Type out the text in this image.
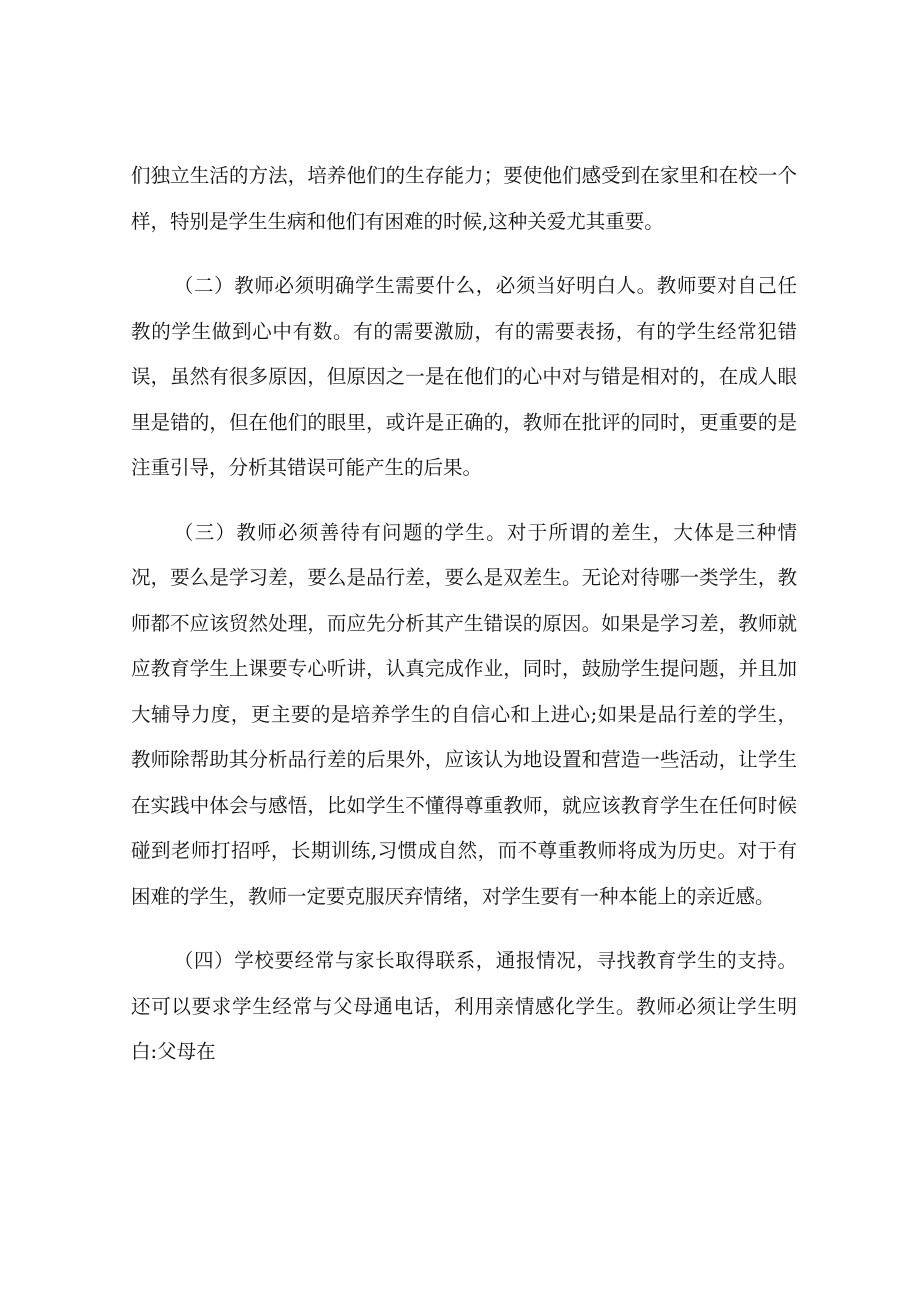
们独立生活的方法，培养他们的生存能力；要使他们感受到在家里和在校一个样，特别是学生生病和他们有困难的时候,这种关爱尤其重要。

（二）教师必须明确学生需要什么，必须当好明白人。教师要对自己任教的学生做到心中有数。有的需要激励，有的需要表扬，有的学生经常犯错误，虽然有很多原因，但原因之一是在他们的心中对与错是相对的，在成人眼里是错的，但在他们的眼里，或许是正确的，教师在批评的同时，更重要的是注重引导，分析其错误可能产生的后果。

（三）教师必须善待有问题的学生。对于所谓的差生，大体是三种情况，要么是学习差，要么是品行差，要么是双差生。无论对待哪一类学生，教师都不应该贸然处理，而应先分析其产生错误的原因。如果是学习差，教师就应教育学生上课要专心听讲，认真完成作业，同时，鼓励学生提问题，并且加大辅导力度，更主要的是培养学生的自信心和上进心;如果是品行差的学生，教师除帮助其分析品行差的后果外，应该认为地设置和营造一些活动，让学生在实践中体会与感悟，比如学生不懂得尊重教师，就应该教育学生在任何时候碰到老师打招呼，长期训练,习惯成自然，而不尊重教师将成为历史。对于有困难的学生，教师一定要克服厌弃情绪，对学生要有一种本能上的亲近感。

（四）学校要经常与家长取得联系，通报情况，寻找教育学生的支持。还可以要求学生经常与父母通电话，利用亲情感化学生。教师必须让学生明白:父母在
